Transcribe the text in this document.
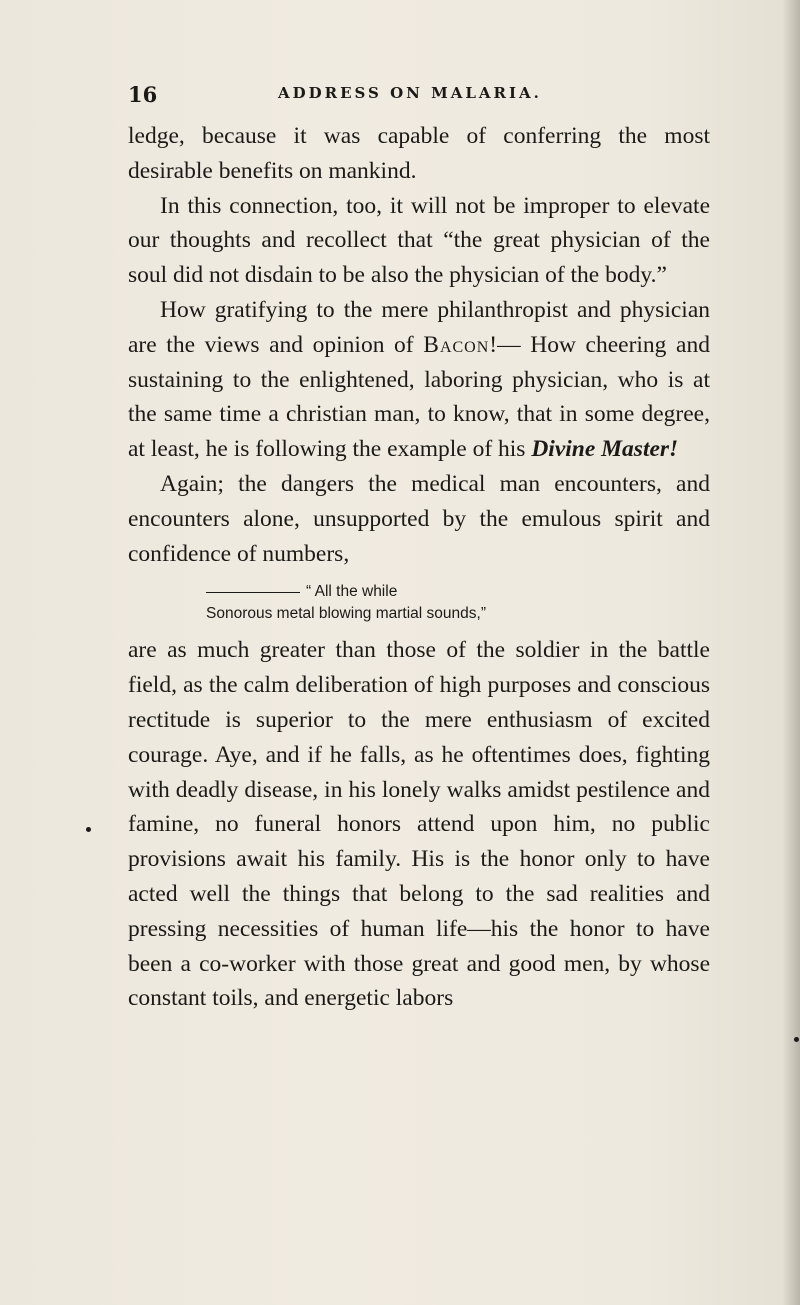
16	ADDRESS ON MALARIA.

ledge, because it was capable of conferring the most desirable benefits on mankind.

In this connection, too, it will not be improper to elevate our thoughts and recollect that “the great physician of the soul did not disdain to be also the physician of the body.”

How gratifying to the mere philanthropist and physician are the views and opinion of Bacon!— How cheering and sustaining to the enlightened, laboring physician, who is at the same time a christian man, to know, that in some degree, at least, he is following the example of his Divine Master!

Again; the dangers the medical man encounters, and encounters alone, unsupported by the emulous spirit and confidence of numbers,

“ All the while
Sonorous metal blowing martial sounds,”

are as much greater than those of the soldier in the battle field, as the calm deliberation of high purposes and conscious rectitude is superior to the mere enthusiasm of excited courage. Aye, and if he falls, as he oftentimes does, fighting with deadly disease, in his lonely walks amidst pestilence and famine, no funeral honors attend upon him, no public provisions await his family. His is the honor only to have acted well the things that belong to the sad realities and pressing necessities of human life—his the honor to have been a co-worker with those great and good men, by whose constant toils, and energetic labors
